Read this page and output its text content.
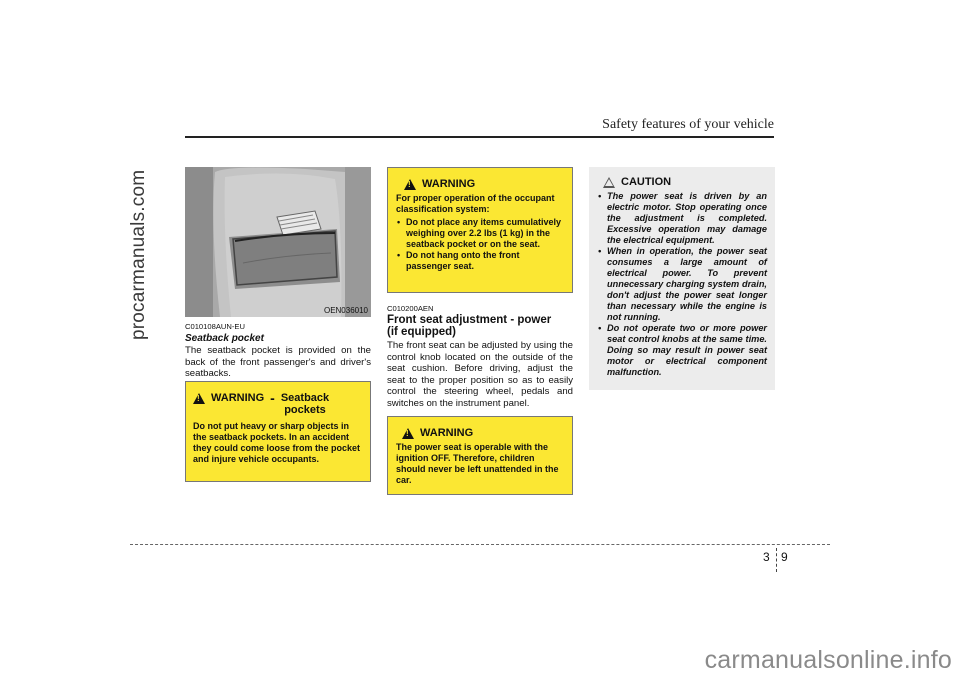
procarmanuals.com
Safety features of your vehicle
OEN036010
C010108AUN-EU
Seatback pocket
The seatback pocket is provided on the back of the front passenger's and driver's seatbacks.
!
WARNING - Seatback
pockets
Do not put heavy or sharp objects in the seatback pockets. In an accident they could come loose from the pocket and injure vehicle occupants.
!
WARNING
For proper operation of the occupant classification system:
• Do not place any items cumulatively weighing over 2.2 lbs (1 kg) in the seatback pocket or on the seat.
• Do not hang onto the front passenger seat.
C010200AEN
Front seat adjustment - power
(if equipped)
The front seat can be adjusted by using the control knob located on the outside of the seat cushion. Before driving, adjust the seat to the proper position so as to easily control the steering wheel, pedals and switches on the instrument panel.
!
WARNING
The power seat is operable with the ignition OFF. Therefore, children should never be left unattended in the car.
CAUTION
• The power seat is driven by an electric motor. Stop operating once the adjustment is completed. Excessive operation may damage the electrical equipment.
• When in operation, the power seat consumes a large amount of electrical power. To prevent unnecessary charging system drain, don't adjust the power seat longer than necessary while the engine is not running.
• Do not operate two or more power seat control knobs at the same time. Doing so may result in power seat motor or electrical component malfunction.
3 9
carmanualsonline.info
